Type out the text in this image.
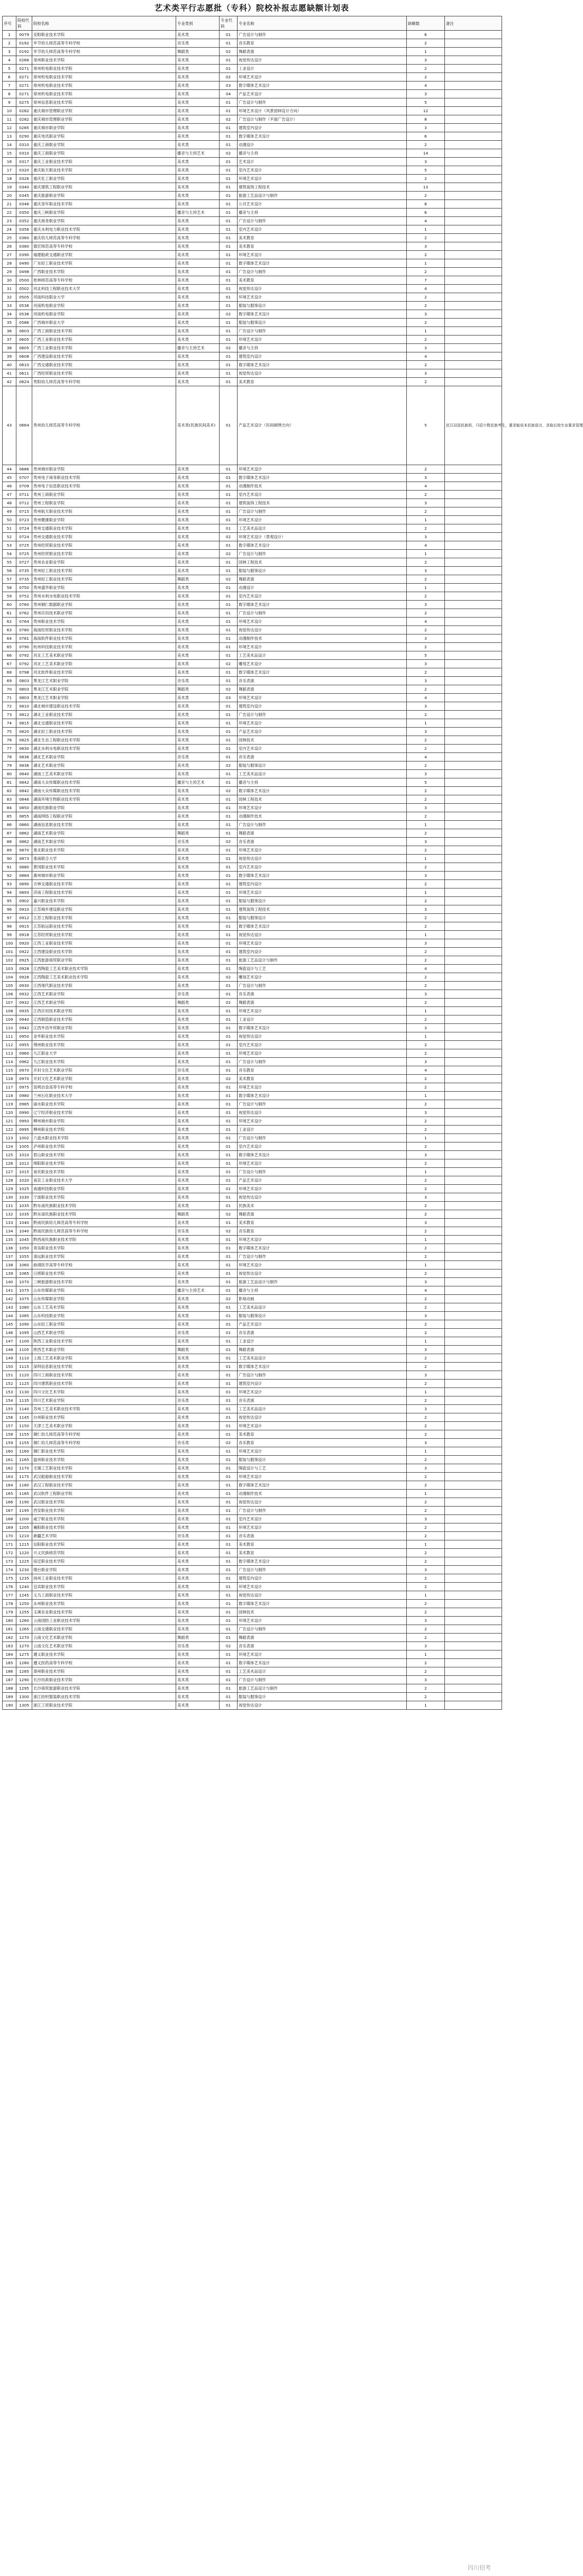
艺术类平行志愿批（专科）院校补报志愿缺额计划表
序号	院校代码	院校名称	专业类别	专业代码	专业名称	缺额数	备注
1	0079	安阳职业技术学院	美术类	01	广告设计与制作	6	
2	0192	毕节幼儿师范高等专科学校	音乐类	01	音乐教育	2	
3	0192	毕节幼儿师范高等专科学校	舞蹈类	02	舞蹈表演	1	
4	0266	亳州职业技术学院	美术类	01	视觉传达设计	3	
5	0271	常州机电职业技术学院	美术类	01	工业设计	2	
6	0271	常州机电职业技术学院	美术类	02	环境艺术设计	2	
7	0271	常州机电职业技术学院	美术类	03	数字媒体艺术设计	4	
8	0271	常州机电职业技术学院	美术类	04	产品艺术设计	3	
9	0275	常州信息职业技术学院	美术类	01	广告设计与制作	5	
10	0282	重庆城市管理职业学院	美术类	01	环境艺术设计（风景园林设计方向）	12	
11	0282	重庆城市管理职业学院	美术类	02	广告设计与制作（平面广告设计）	8	
12	0285	重庆城市职业学院	美术类	01	建筑室内设计	3	
13	0290	重庆电讯职业学院	美术类	01	数字媒体艺术设计	6	
14	0310	重庆工商职业学院	美术类	01	动漫设计	2	
15	0310	重庆工商职业学院	播音与主持艺术	02	播音与主持	14	
16	0317	重庆工业职业技术学院	美术类	01	艺术设计	3	
17	0320	重庆航天职业技术学院	美术类	01	室内艺术设计	5	
18	0326	重庆化工职业学院	美术类	01	环境艺术设计	2	
19	0340	重庆建筑工程职业学院	美术类	01	建筑装饰工程技术	13	
20	0345	重庆旅游职业学院	美术类	01	旅游工艺品设计与制作	2	
21	0346	重庆青年职业技术学院	美术类	01	公共艺术设计	8	
22	0350	重庆三峡职业学院	播音与主持艺术	01	播音与主持	6	
23	0352	重庆商务职业学院	美术类	01	广告设计与制作	4	
24	0356	重庆水利电力职业技术学院	美术类	01	室内艺术设计	1	
25	0360	重庆幼儿师范高等专科学校	美术类	01	美术教育	2	
26	0380	德宏师范高等专科学校	美术类	01	美术教育	3	
27	0390	福建船政交通职业学院	美术类	01	环境艺术设计	2	
28	0490	广东轻工职业技术学院	美术类	01	数字媒体艺术设计	1	
29	0498	广西职业技术学院	美术类	01	广告设计与制作	2	
30	0500	桂林师范高等专科学校	美术类	01	美术教育	7	
31	0502	河北科技工程职业技术大学	美术类	01	视觉传达设计	4	
32	0505	河南科技职业大学	美术类	01	环境艺术设计	2	
33	0536	河南机电职业学院	美术类	01	服装与服饰设计	2	
34	0536	河南机电职业学院	美术类	02	数字媒体艺术设计	3	
35	0586	广西城市职业大学	美术类	01	服装与服饰设计	2	
36	0603	广西工商职业技术学院	美术类	01	广告设计与制作	1	
37	0605	广西工业职业技术学院	美术类	01	环境艺术设计	2	
38	0605	广西工业职业技术学院	播音与主持艺术	02	播音与主持	3	
39	0608	广西建设职业技术学院	美术类	01	建筑室内设计	4	
40	0610	广西交通职业技术学院	美术类	01	数字媒体艺术设计	2	
41	0611	广西经贸职业技术学院	美术类	01	视觉传达设计	3	
42	0624	贵阳幼儿师范高等专科学校	美术类	01	美术教育	2	
43	0664	贵州幼儿师范高等专科学校	美术类(民族民间美术)	01	产品艺术设计（民间刺绣方向）	5	民汉双语民族班，只招少数民族考生，要求能说本民族语言，录取后按专业要求管理
44	0686	贵州城市职业学院	美术类	01	环境艺术设计	2	
45	0707	贵州电子商务职业技术学院	美术类	01	数字媒体艺术设计	3	
46	0709	贵州电子信息职业技术学院	美术类	01	动漫制作技术	4	
47	0711	贵州工商职业学院	美术类	01	室内艺术设计	2	
48	0712	贵州工程职业学院	美术类	01	建筑装饰工程技术	3	
49	0715	贵州航天职业技术学院	美术类	01	广告设计与制作	2	
50	0723	贵州健康职业学院	美术类	01	环境艺术设计	1	
51	0724	贵州交通职业技术学院	美术类	01	工艺美术品设计	2	
52	0724	贵州交通职业技术学院	美术类	02	环境艺术设计（景观设计）	3	
53	0725	贵州经贸职业技术学院	美术类	01	数字媒体艺术设计	4	
54	0725	贵州经贸职业技术学院	美术类	02	广告设计与制作	1	
55	0727	贵州农业职业学院	美术类	01	园林工程技术	2	
56	0735	贵州轻工职业技术学院	美术类	01	服装与服饰设计	3	
57	0735	贵州轻工职业技术学院	舞蹈类	02	舞蹈表演	2	
58	0750	贵州盛华职业学院	美术类	01	动漫设计	1	
59	0752	贵州水利水电职业技术学院	美术类	01	室内艺术设计	2	
60	0760	贵州铜仁数据职业学院	美术类	01	数字媒体艺术设计	3	
61	0762	贵州应用技术职业学院	美术类	01	广告设计与制作	2	
62	0764	贵州职业技术学院	美术类	01	环境艺术设计	4	
63	0780	海南经贸职业技术学院	美术类	01	视觉传达设计	2	
64	0781	海南软件职业技术学院	美术类	01	动漫制作技术	3	
65	0790	杭州科技职业技术学院	美术类	01	环境艺术设计	2	
66	0792	河北工艺美术职业学院	美术类	01	工艺美术品设计	5	
67	0792	河北工艺美术职业学院	美术类	02	雕刻艺术设计	3	
68	0798	河北软件职业技术学院	美术类	01	数字媒体艺术设计	2	
69	0803	黑龙江艺术职业学院	音乐类	01	音乐表演	3	
70	0803	黑龙江艺术职业学院	舞蹈类	02	舞蹈表演	2	
71	0803	黑龙江艺术职业学院	美术类	03	环境艺术设计	4	
72	0810	湖北城市建设职业技术学院	美术类	01	建筑室内设计	3	
73	0812	湖北工业职业技术学院	美术类	01	广告设计与制作	2	
74	0815	湖北交通职业技术学院	美术类	01	环境艺术设计	1	
75	0820	湖北轻工职业技术学院	美术类	01	产品艺术设计	3	
76	0825	湖北生态工程职业技术学院	美术类	01	园林技术	2	
77	0830	湖北水利水电职业技术学院	美术类	01	室内艺术设计	2	
78	0836	湖北艺术职业学院	音乐类	01	音乐表演	4	
79	0836	湖北艺术职业学院	美术类	02	服装与服饰设计	2	
80	0840	湖南工艺美术职业学院	美术类	01	工艺美术品设计	3	
81	0842	湖南大众传媒职业技术学院	播音与主持艺术	01	播音与主持	5	
82	0842	湖南大众传媒职业技术学院	美术类	02	数字媒体艺术设计	2	
83	0846	湖南环境生物职业技术学院	美术类	01	园林工程技术	2	
84	0850	湖南民族职业学院	美术类	01	环境艺术设计	3	
85	0855	湖南网络工程职业学院	美术类	01	动漫制作技术	2	
86	0860	湖南信息职业技术学院	美术类	01	广告设计与制作	1	
87	0862	湖南艺术职业学院	舞蹈类	01	舞蹈表演	2	
88	0862	湖南艺术职业学院	音乐类	02	音乐表演	3	
89	0870	淮北职业技术学院	美术类	01	环境艺术设计	2	
90	0873	淮南联合大学	美术类	01	视觉传达设计	1	
91	0880	黄冈职业技术学院	美术类	01	室内艺术设计	2	
92	0884	惠州城市职业学院	美术类	01	数字媒体艺术设计	3	
93	0890	吉林交通职业技术学院	美术类	01	建筑室内设计	2	
94	0893	济南工程职业技术学院	美术类	01	环境艺术设计	1	
95	0902	嘉兴职业技术学院	美术类	01	服装与服饰设计	2	
96	0910	江苏城乡建设职业学院	美术类	01	建筑装饰工程技术	3	
97	0912	江苏工程职业技术学院	美术类	01	服装与服饰设计	2	
98	0915	江苏航运职业技术学院	美术类	01	数字媒体艺术设计	2	
99	0918	江苏经贸职业技术学院	美术类	01	视觉传达设计	1	
100	0920	江西工业职业技术学院	美术类	01	环境艺术设计	3	
101	0922	江西建设职业技术学院	美术类	01	建筑室内设计	2	
102	0925	江西旅游商贸职业学院	美术类	01	旅游工艺品设计与制作	2	
103	0928	江西陶瓷工艺美术职业技术学院	美术类	01	陶瓷设计与工艺	4	
104	0928	江西陶瓷工艺美术职业技术学院	美术类	02	雕刻艺术设计	2	
105	0930	江西现代职业技术学院	美术类	01	广告设计与制作	2	
106	0932	江西艺术职业学院	音乐类	01	音乐表演	3	
107	0932	江西艺术职业学院	舞蹈类	02	舞蹈表演	2	
108	0935	江西应用技术职业学院	美术类	01	环境艺术设计	1	
109	0940	江西制造职业技术学院	美术类	01	工业设计	2	
110	0942	江西外语外贸职业学院	美术类	01	数字媒体艺术设计	3	
111	0950	金华职业技术学院	美术类	01	视觉传达设计	1	
112	0955	荆州职业技术学院	美术类	01	室内艺术设计	2	
113	0960	九江职业大学	美术类	01	环境艺术设计	2	
114	0962	九江职业技术学院	美术类	01	广告设计与制作	3	
115	0970	开封文化艺术职业学院	音乐类	01	音乐教育	4	
116	0970	开封文化艺术职业学院	美术类	02	美术教育	2	
117	0975	昆明冶金高等专科学校	美术类	01	环境艺术设计	2	
118	0980	兰州石化职业技术大学	美术类	01	数字媒体艺术设计	1	
119	0985	丽水职业技术学院	美术类	01	广告设计与制作	2	
120	0990	辽宁经济职业技术学院	美术类	01	视觉传达设计	3	
121	0993	柳州城市职业学院	美术类	01	环境艺术设计	2	
122	0995	柳州职业技术学院	美术类	01	工业设计	2	
123	1002	六盘水职业技术学院	美术类	01	广告设计与制作	1	
124	1005	泸州职业技术学院	美术类	01	室内艺术设计	2	
125	1010	眉山职业技术学院	美术类	01	数字媒体艺术设计	3	
126	1012	绵阳职业技术学院	美术类	01	环境艺术设计	2	
127	1015	南充职业技术学院	美术类	01	广告设计与制作	1	
128	1020	南京工业职业技术大学	美术类	01	产品艺术设计	2	
129	1025	南通科技职业学院	美术类	01	环境艺术设计	2	
130	1030	宁波职业技术学院	美术类	01	视觉传达设计	3	
131	1035	黔东南民族职业技术学院	美术类	01	民族美术	2	
132	1035	黔东南民族职业技术学院	舞蹈类	02	舞蹈表演	2	
133	1040	黔南民族幼儿师范高等专科学校	美术类	01	美术教育	3	
134	1040	黔南民族幼儿师范高等专科学校	音乐类	02	音乐教育	2	
135	1045	黔西南民族职业技术学院	美术类	01	环境艺术设计	1	
136	1050	青岛职业技术学院	美术类	01	数字媒体艺术设计	2	
137	1055	清远职业技术学院	美术类	01	广告设计与制作	2	
138	1060	曲靖医学高等专科学校	美术类	01	环境艺术设计	1	
139	1065	日照职业技术学院	美术类	01	视觉传达设计	2	
140	1070	三峡旅游职业技术学院	美术类	01	旅游工艺品设计与制作	3	
141	1075	山东传媒职业学院	播音与主持艺术	01	播音与主持	4	
142	1075	山东传媒职业学院	美术类	02	影视动画	2	
143	1080	山东工艺美术学院	美术类	01	工艺美术品设计	2	
144	1085	山东科技职业学院	美术类	01	服装与服饰设计	3	
145	1090	山东轻工职业学院	美术类	01	产品艺术设计	2	
146	1095	山西艺术职业学院	音乐类	01	音乐表演	2	
147	1100	陕西工业职业技术学院	美术类	01	工业设计	1	
148	1105	陕西艺术职业学院	舞蹈类	01	舞蹈表演	3	
149	1110	上海工艺美术职业学院	美术类	01	工艺美术品设计	2	
150	1115	深圳信息职业技术学院	美术类	01	数字媒体艺术设计	2	
151	1120	四川工商职业技术学院	美术类	01	广告设计与制作	3	
152	1125	四川建筑职业技术学院	美术类	01	建筑室内设计	2	
153	1130	四川文化艺术学院	美术类	01	环境艺术设计	1	
154	1135	四川艺术职业学院	音乐类	01	音乐表演	2	
155	1140	苏州工艺美术职业技术学院	美术类	01	工艺美术品设计	3	
156	1145	台州职业技术学院	美术类	01	视觉传达设计	2	
157	1150	天津工艺美术职业学院	美术类	01	环境艺术设计	2	
158	1155	铜仁幼儿师范高等专科学校	美术类	01	美术教育	2	
159	1155	铜仁幼儿师范高等专科学校	音乐类	02	音乐教育	3	
160	1160	铜仁职业技术学院	美术类	01	环境艺术设计	1	
161	1165	温州职业技术学院	美术类	01	服装与服饰设计	2	
162	1170	无锡工艺职业技术学院	美术类	01	陶瓷设计与工艺	3	
163	1175	武汉船舶职业技术学院	美术类	01	环境艺术设计	2	
164	1180	武汉工程职业技术学院	美术类	01	数字媒体艺术设计	2	
165	1185	武汉软件工程职业学院	美术类	01	动漫制作技术	1	
166	1190	武汉职业技术学院	美术类	01	视觉传达设计	2	
167	1195	西安职业技术学院	美术类	01	广告设计与制作	2	
168	1200	咸宁职业技术学院	美术类	01	室内艺术设计	3	
169	1205	襄阳职业技术学院	美术类	01	环境艺术设计	2	
170	1210	新疆艺术学院	音乐类	01	音乐表演	2	
171	1215	信阳职业技术学院	美术类	01	美术教育	1	
172	1220	兴义民族师范学院	美术类	01	美术教育	2	
173	1225	宿迁职业技术学院	美术类	01	数字媒体艺术设计	2	
174	1230	烟台职业学院	美术类	01	广告设计与制作	3	
175	1235	扬州工业职业技术学院	美术类	01	建筑室内设计	2	
176	1240	宜宾职业技术学院	美术类	01	环境艺术设计	2	
177	1245	义乌工商职业技术学院	美术类	01	视觉传达设计	1	
178	1250	永州职业技术学院	美术类	01	数字媒体艺术设计	2	
179	1255	玉溪农业职业技术学院	美术类	01	园林技术	2	
180	1260	云南国防工业职业技术学院	美术类	01	环境艺术设计	3	
181	1265	云南交通职业技术学院	美术类	01	广告设计与制作	2	
182	1270	云南文化艺术职业学院	舞蹈类	01	舞蹈表演	2	
183	1270	云南文化艺术职业学院	音乐类	02	音乐表演	3	
184	1275	遵义职业技术学院	美术类	01	环境艺术设计	1	
185	1280	遵义医药高等专科学校	美术类	01	数字媒体艺术设计	2	
186	1285	漳州职业技术学院	美术类	01	工艺美术品设计	2	
187	1290	长沙民政职业技术学院	美术类	01	广告设计与制作	3	
188	1295	长沙商贸旅游职业技术学院	美术类	01	旅游工艺品设计与制作	2	
189	1300	浙江纺织服装职业技术学院	美术类	01	服装与服饰设计	2	
190	1305	浙江工贸职业技术学院	美术类	01	视觉传达设计	1	
四川招考
